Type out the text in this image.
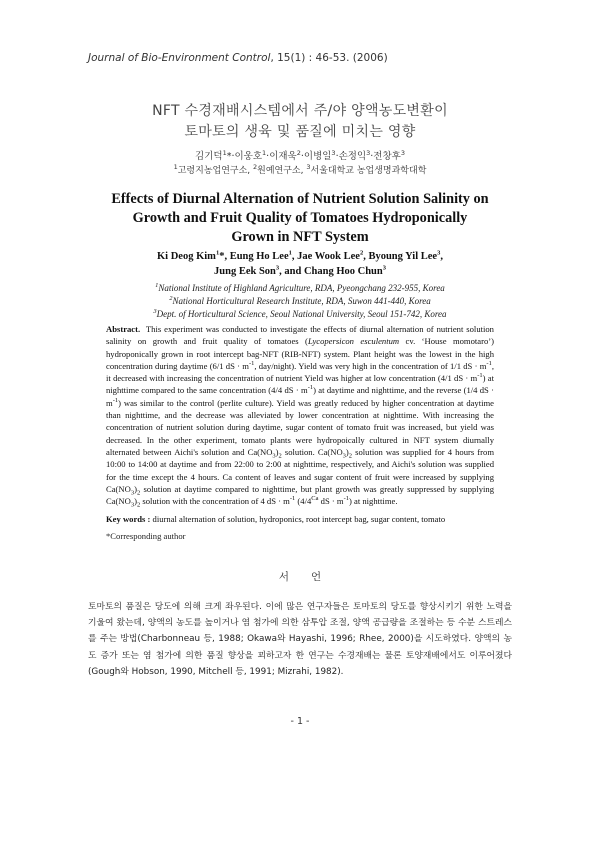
Journal of Bio-Environment Control, 15(1) : 46-53. (2006)
NFT 수경재배시스템에서 주/야 양액농도변환이
토마토의 생육 및 품질에 미치는 영향
김기덕$^1$*·이웅호$^1$·이재욱$^2$·이병일$^3$·손정익$^3$·전창후$^3$
$^1$고령지농업연구소, $^2$원예연구소, $^3$서울대학교 농업생명과학대학
Effects of Diurnal Alternation of Nutrient Solution Salinity on
Growth and Fruit Quality of Tomatoes Hydroponically
Grown in NFT System
Ki Deog Kim$^1$*, Eung Ho Lee$^1$, Jae Wook Lee$^2$, Byoung Yil Lee$^3$,
Jung Eek Son$^3$, and Chang Hoo Chun$^3$
$^1$National Institute of Highland Agriculture, RDA, Pyeongchang 232-955, Korea
$^2$National Horticultural Research Institute, RDA, Suwon 441-440, Korea
$^3$Dept. of Horticultural Science, Seoul National University, Seoul 151-742, Korea
Abstract. This experiment was conducted to investigate the effects of diurnal alternation of nutrient solution salinity on growth and fruit quality of tomatoes (Lycopersicon esculentum cv. ‘House momotaro’) hydroponically grown in root intercept bag-NFT (RIB-NFT) system. Plant height was the lowest in the high concentration during daytime (6/1 dS · $m^{-1}$, day/night). Yield was very high in the concentration of 1/1 dS · $m^{-1}$, it decreased with increasing the concentration of nutrient Yield was higher at low concentration (4/1 dS · $m^{-1}$) at nighttime compared to the same concentration (4/4 dS · $m^{-1}$) at daytime and nighttime, and the reverse (1/4 dS · $m^{-1}$) was similar to the control (perlite culture). Yield was greatly reduced by higher concentration at daytime than nighttime, and the decrease was alleviated by lower concentration at nighttime. With increasing the concentration of nutrient solution during daytime, sugar content of tomato fruit was increased, but yield was decreased. In the other experiment, tomato plants were hydropoically cultured in NFT system diurnally alternated between Aichi's solution and $Ca(NO_3)_2$ solution. $Ca(NO_3)_2$ solution was supplied for 4 hours from 10:00 to 14:00 at daytime and from 22:00 to 2:00 at nighttime, respectively, and Aichi's solution was supplied for the time except the 4 hours. Ca content of leaves and sugar content of fruit were increased by supplying $Ca(NO_3)_2$ solution at daytime compared to nighttime, but plant growth was greatly suppressed by supplying $Ca(NO_3)_2$ solution with the concentration of 4 dS · $m^{-1}$ ($4/4^{Ca}$ dS · $m^{-1}$) at nighttime.
Key words : diurnal alternation of solution, hydroponics, root intercept bag, sugar content, tomato
*Corresponding author
서언
토마토의 품질은 당도에 의해 크게 좌우된다. 이에 많은 연구자들은 토마토의 당도를 향상시키기 위한 노력을 기울여 왔는데, 양액의 농도를 높이거나 염 첨가에 의한 삼투압 조절, 양액 공급량을 조절하는 등 수분 스트레스를 주는 방법(Charbonneau 등, 1988; Okawa와 Hayashi, 1996; Rhee, 2000)을 시도하였다. 양액의 농도 증가 또는 염 첨가에 의한 품질 향상을 꾀하고자 한 연구는 수경재배는 물론 토양재배에서도 이루어졌다(Gough와 Hobson, 1990, Mitchell 등, 1991; Mizrahi, 1982).
- 1 -
